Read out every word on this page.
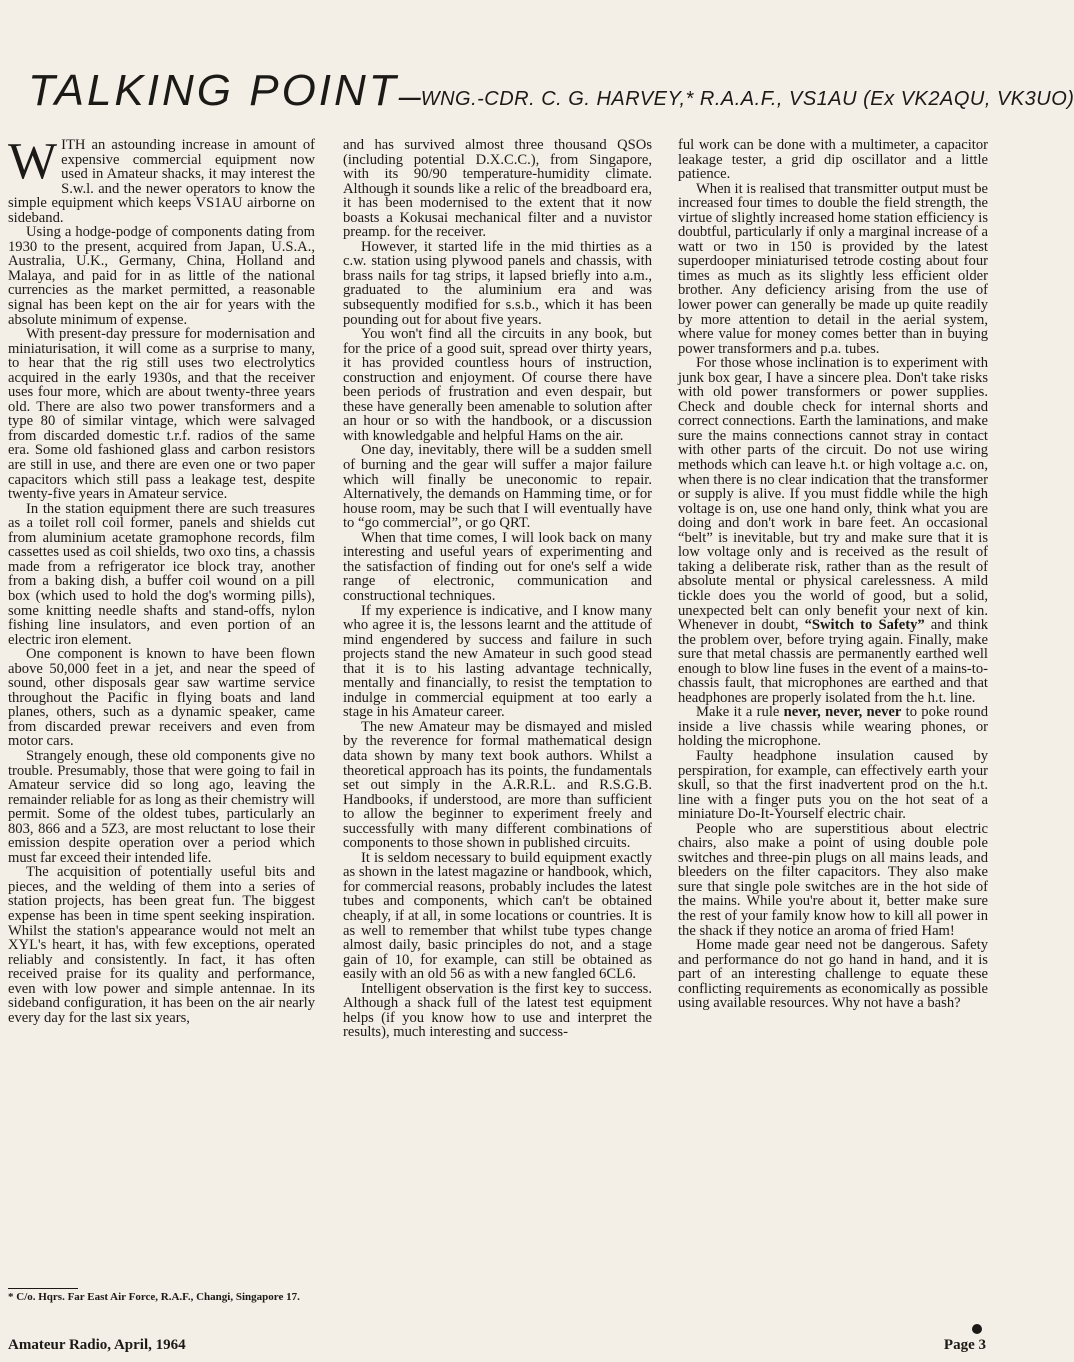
TALKING POINT—WNG.-CDR. C. G. HARVEY,* R.A.A.F., VS1AU (Ex VK2AQU, VK3UO)

WITH an astounding increase in amount of expensive commercial equipment now used in Amateur shacks, it may interest the S.w.l. and the newer operators to know the simple equipment which keeps VS1AU airborne on sideband.

Using a hodge-podge of components dating from 1930 to the present, acquired from Japan, U.S.A., Australia, U.K., Germany, China, Holland and Malaya, and paid for in as little of the national currencies as the market permitted, a reasonable signal has been kept on the air for years with the absolute minimum of expense.

With present-day pressure for modernisation and miniaturisation, it will come as a surprise to many, to hear that the rig still uses two electrolytics acquired in the early 1930s, and that the receiver uses four more, which are about twenty-three years old. There are also two power transformers and a type 80 of similar vintage, which were salvaged from discarded domestic t.r.f. radios of the same era. Some old fashioned glass and carbon resistors are still in use, and there are even one or two paper capacitors which still pass a leakage test, despite twenty-five years in Amateur service.

In the station equipment there are such treasures as a toilet roll coil former, panels and shields cut from aluminium acetate gramophone records, film cassettes used as coil shields, two oxo tins, a chassis made from a refrigerator ice block tray, another from a baking dish, a buffer coil wound on a pill box (which used to hold the dog's worming pills), some knitting needle shafts and stand-offs, nylon fishing line insulators, and even portion of an electric iron element.

One component is known to have been flown above 50,000 feet in a jet, and near the speed of sound, other disposals gear saw wartime service throughout the Pacific in flying boats and land planes, others, such as a dynamic speaker, came from discarded prewar receivers and even from motor cars.

Strangely enough, these old components give no trouble. Presumably, those that were going to fail in Amateur service did so long ago, leaving the remainder reliable for as long as their chemistry will permit. Some of the oldest tubes, particularly an 803, 866 and a 5Z3, are most reluctant to lose their emission despite operation over a period which must far exceed their intended life.

The acquisition of potentially useful bits and pieces, and the welding of them into a series of station projects, has been great fun. The biggest expense has been in time spent seeking inspiration. Whilst the station's appearance would not melt an XYL's heart, it has, with few exceptions, operated reliably and consistently. In fact, it has often received praise for its quality and performance, even with low power and simple antennae. In its sideband configuration, it has been on the air nearly every day for the last six years,

and has survived almost three thousand QSOs (including potential D.X.C.C.), from Singapore, with its 90/90 temperature-humidity climate. Although it sounds like a relic of the breadboard era, it has been modernised to the extent that it now boasts a Kokusai mechanical filter and a nuvistor preamp. for the receiver.

However, it started life in the mid thirties as a c.w. station using plywood panels and chassis, with brass nails for tag strips, it lapsed briefly into a.m., graduated to the aluminium era and was subsequently modified for s.s.b., which it has been pounding out for about five years.

You won't find all the circuits in any book, but for the price of a good suit, spread over thirty years, it has provided countless hours of instruction, construction and enjoyment. Of course there have been periods of frustration and even despair, but these have generally been amenable to solution after an hour or so with the handbook, or a discussion with knowledgable and helpful Hams on the air.

One day, inevitably, there will be a sudden smell of burning and the gear will suffer a major failure which will finally be uneconomic to repair. Alternatively, the demands on Hamming time, or for house room, may be such that I will eventually have to “go commercial”, or go QRT.

When that time comes, I will look back on many interesting and useful years of experimenting and the satisfaction of finding out for one's self a wide range of electronic, communication and constructional techniques.

If my experience is indicative, and I know many who agree it is, the lessons learnt and the attitude of mind engendered by success and failure in such projects stand the new Amateur in such good stead that it is to his lasting advantage technically, mentally and financially, to resist the temptation to indulge in commercial equipment at too early a stage in his Amateur career.

The new Amateur may be dismayed and misled by the reverence for formal mathematical design data shown by many text book authors. Whilst a theoretical approach has its points, the fundamentals set out simply in the A.R.R.L. and R.S.G.B. Handbooks, if understood, are more than sufficient to allow the beginner to experiment freely and successfully with many different combinations of components to those shown in published circuits.

It is seldom necessary to build equipment exactly as shown in the latest magazine or handbook, which, for commercial reasons, probably includes the latest tubes and components, which can't be obtained cheaply, if at all, in some locations or countries. It is as well to remember that whilst tube types change almost daily, basic principles do not, and a stage gain of 10, for example, can still be obtained as easily with an old 56 as with a new fangled 6CL6.

Intelligent observation is the first key to success. Although a shack full of the latest test equipment helps (if you know how to use and interpret the results), much interesting and success-

ful work can be done with a multimeter, a capacitor leakage tester, a grid dip oscillator and a little patience.

When it is realised that transmitter output must be increased four times to double the field strength, the virtue of slightly increased home station efficiency is doubtful, particularly if only a marginal increase of a watt or two in 150 is provided by the latest superdooper miniaturised tetrode costing about four times as much as its slightly less efficient older brother. Any deficiency arising from the use of lower power can generally be made up quite readily by more attention to detail in the aerial system, where value for money comes better than in buying power transformers and p.a. tubes.

For those whose inclination is to experiment with junk box gear, I have a sincere plea. Don't take risks with old power transformers or power supplies. Check and double check for internal shorts and correct connections. Earth the laminations, and make sure the mains connections cannot stray in contact with other parts of the circuit. Do not use wiring methods which can leave h.t. or high voltage a.c. on, when there is no clear indication that the transformer or supply is alive. If you must fiddle while the high voltage is on, use one hand only, think what you are doing and don't work in bare feet. An occasional “belt” is inevitable, but try and make sure that it is low voltage only and is received as the result of taking a deliberate risk, rather than as the result of absolute mental or physical carelessness. A mild tickle does you the world of good, but a solid, unexpected belt can only benefit your next of kin. Whenever in doubt, “Switch to Safety” and think the problem over, before trying again. Finally, make sure that metal chassis are permanently earthed well enough to blow line fuses in the event of a mains-to-chassis fault, that microphones are earthed and that headphones are properly isolated from the h.t. line.

Make it a rule never, never, never to poke round inside a live chassis while wearing phones, or holding the microphone.

Faulty headphone insulation caused by perspiration, for example, can effectively earth your skull, so that the first inadvertent prod on the h.t. line with a finger puts you on the hot seat of a miniature Do-It-Yourself electric chair.

People who are superstitious about electric chairs, also make a point of using double pole switches and three-pin plugs on all mains leads, and bleeders on the filter capacitors. They also make sure that single pole switches are in the hot side of the mains. While you're about it, better make sure the rest of your family know how to kill all power in the shack if they notice an aroma of fried Ham!

Home made gear need not be dangerous. Safety and performance do not go hand in hand, and it is part of an interesting challenge to equate these conflicting requirements as economically as possible using available resources. Why not have a bash?

* C/o. Hqrs. Far East Air Force, R.A.F., Changi, Singapore 17.
Amateur Radio, April, 1964	Page 3
